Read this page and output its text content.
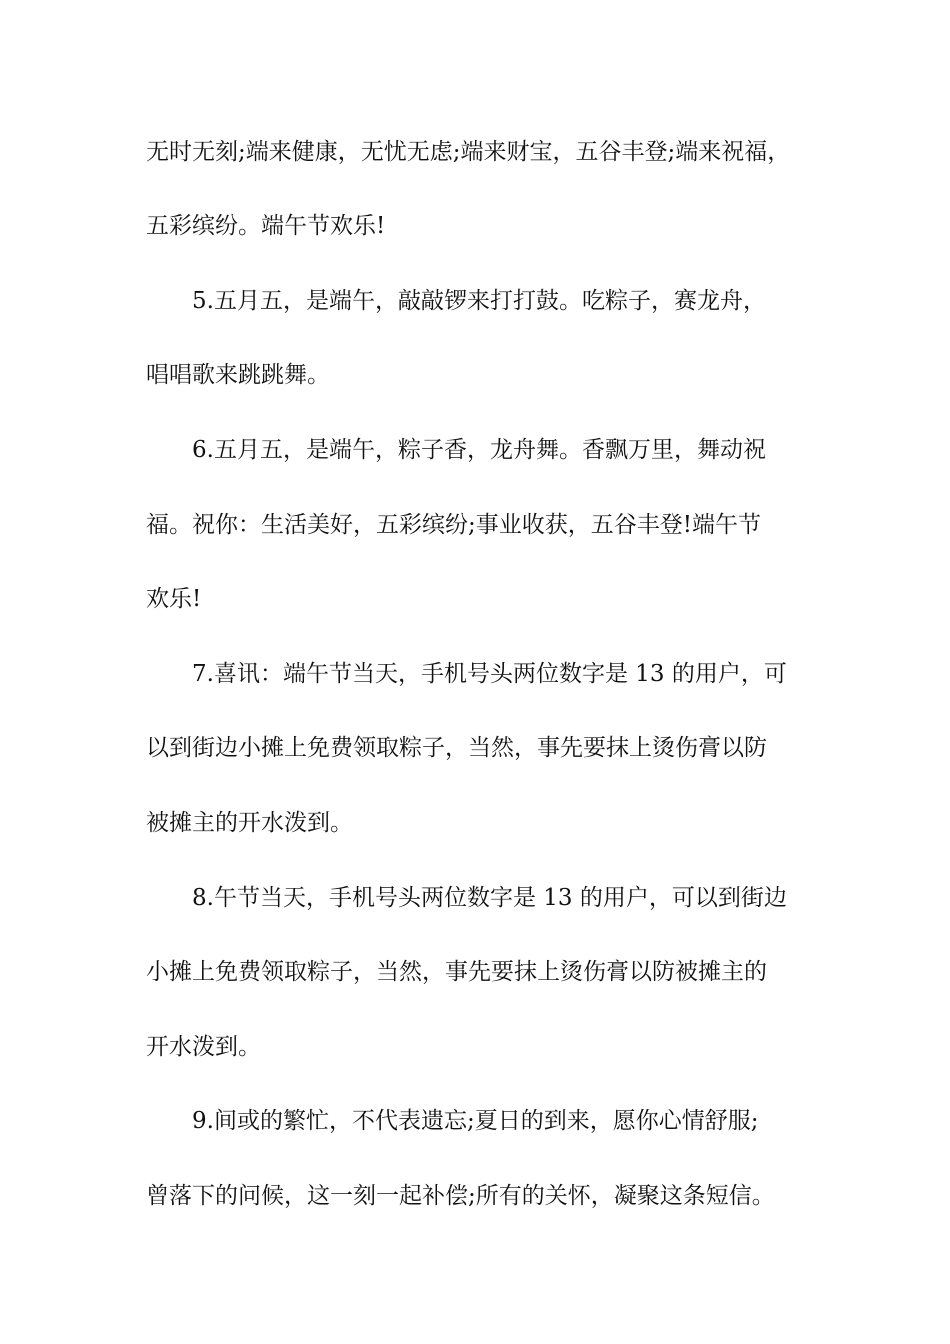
无时无刻;端来健康，无忧无虑;端来财宝，五谷丰登;端来祝福，
五彩缤纷。端午节欢乐!
5.五月五，是端午，敲敲锣来打打鼓。吃粽子，赛龙舟，
唱唱歌来跳跳舞。
6.五月五，是端午，粽子香，龙舟舞。香飘万里，舞动祝
福。祝你：生活美好，五彩缤纷;事业收获，五谷丰登!端午节
欢乐!
7.喜讯：端午节当天，手机号头两位数字是 13 的用户，可
以到街边小摊上免费领取粽子，当然，事先要抹上烫伤膏以防
被摊主的开水泼到。
8.午节当天，手机号头两位数字是 13 的用户，可以到街边
小摊上免费领取粽子，当然，事先要抹上烫伤膏以防被摊主的
开水泼到。
9.间或的繁忙，不代表遗忘;夏日的到来，愿你心情舒服;
曾落下的问候，这一刻一起补偿;所有的关怀，凝聚这条短信。
